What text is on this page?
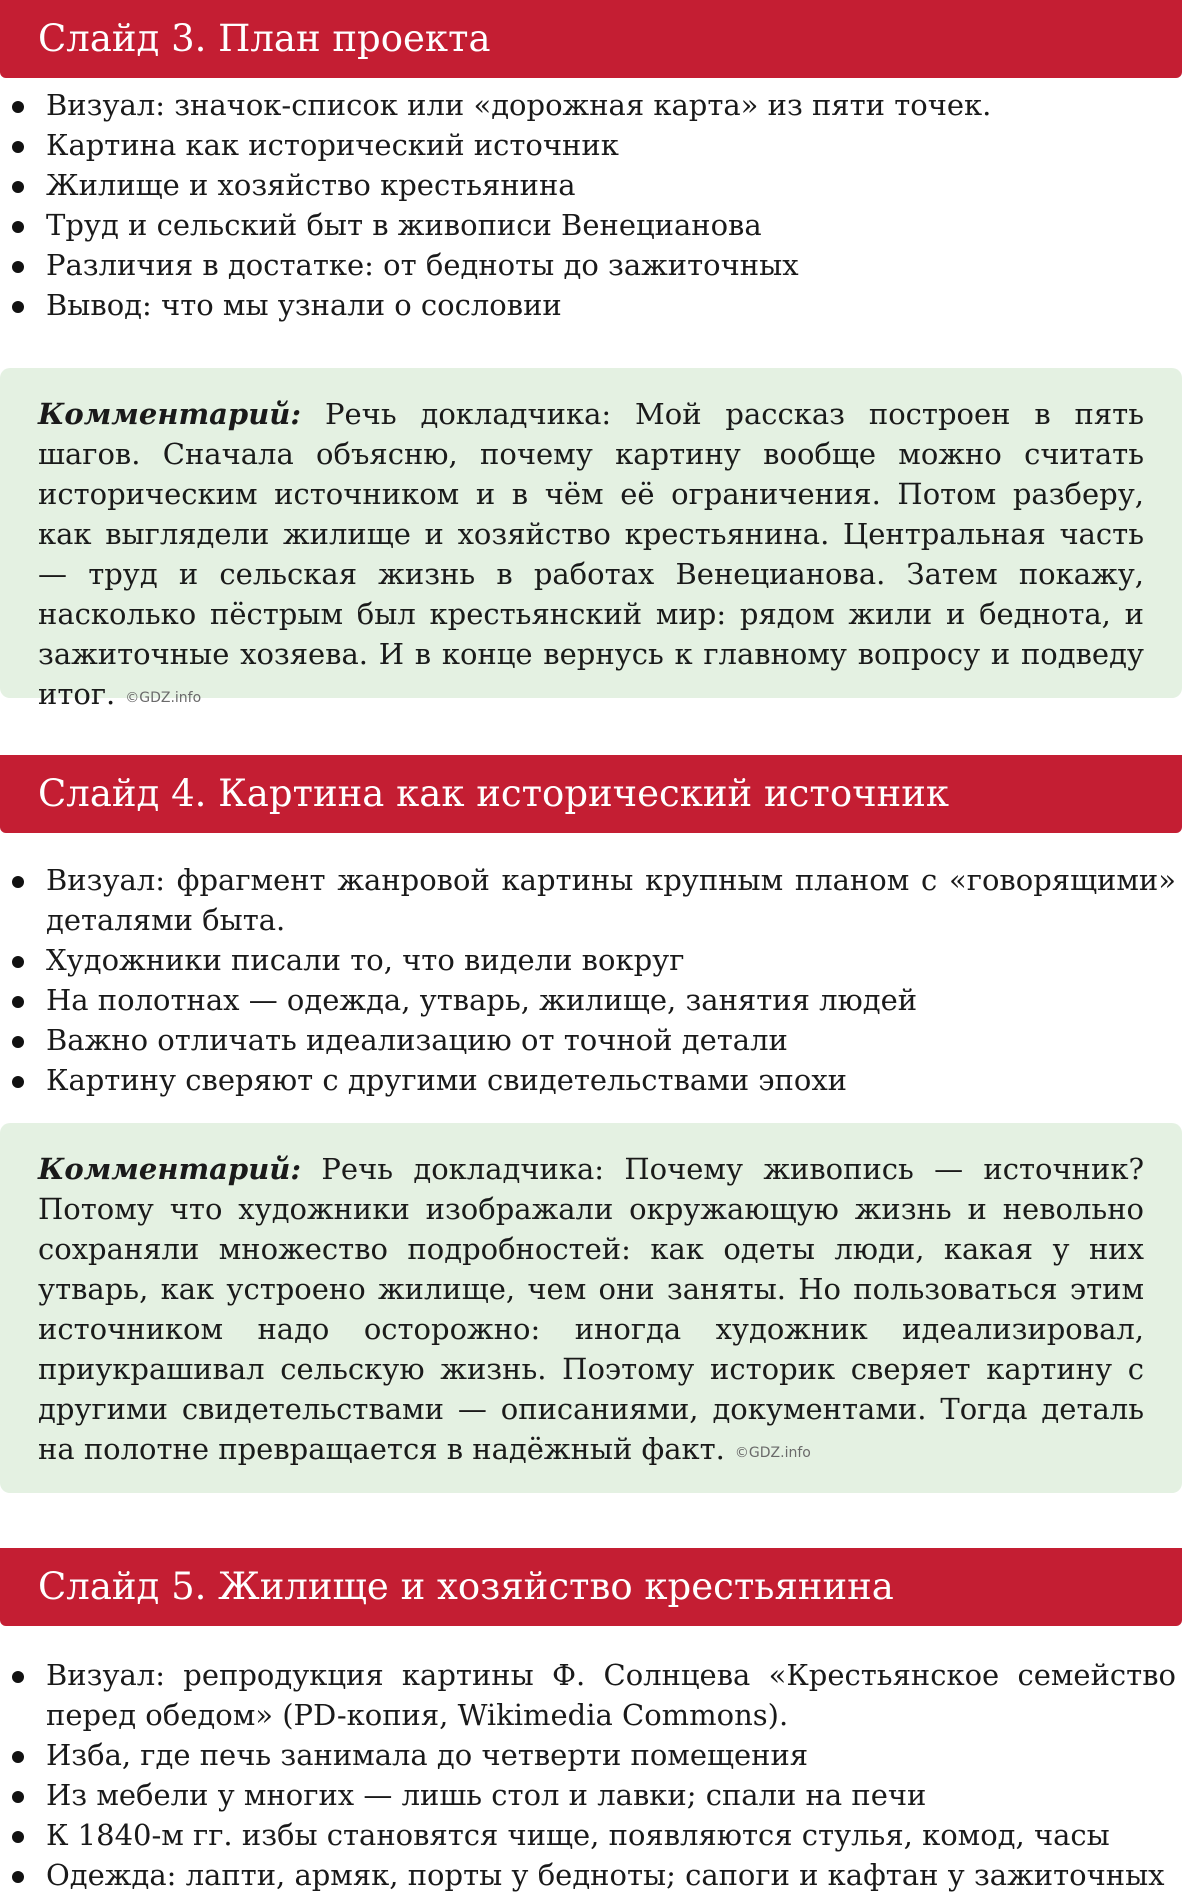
Слайд 3. План проекта
Визуал: значок-список или «дорожная карта» из пяти точек.
Картина как исторический источник
Жилище и хозяйство крестьянина
Труд и сельский быт в живописи Венецианова
Различия в достатке: от бедноты до зажиточных
Вывод: что мы узнали о сословии
Комментарий: Речь докладчика: Мой рассказ построен в пять шагов. Сначала объясню, почему картину вообще можно считать историческим источником и в чём её ограничения. Потом разберу, как выглядели жилище и хозяйство крестьянина. Центральная часть — труд и сельская жизнь в работах Венецианова. Затем покажу, насколько пёстрым был крестьянский мир: рядом жили и беднота, и зажиточные хозяева. И в конце вернусь к главному вопросу и подведу итог. ©GDZ.info
Слайд 4. Картина как исторический источник
Визуал: фрагмент жанровой картины крупным планом с «говорящими» деталями быта.
Художники писали то, что видели вокруг
На полотнах — одежда, утварь, жилище, занятия людей
Важно отличать идеализацию от точной детали
Картину сверяют с другими свидетельствами эпохи
Комментарий: Речь докладчика: Почему живопись — источник? Потому что художники изображали окружающую жизнь и невольно сохраняли множество подробностей: как одеты люди, какая у них утварь, как устроено жилище, чем они заняты. Но пользоваться этим источником надо осторожно: иногда художник идеализировал, приукрашивал сельскую жизнь. Поэтому историк сверяет картину с другими свидетельствами — описаниями, документами. Тогда деталь на полотне превращается в надёжный факт. ©GDZ.info
Слайд 5. Жилище и хозяйство крестьянина
Визуал: репродукция картины Ф. Солнцева «Крестьянское семейство перед обедом» (PD-копия, Wikimedia Commons).
Изба, где печь занимала до четверти помещения
Из мебели у многих — лишь стол и лавки; спали на печи
К 1840-м гг. избы становятся чище, появляются стулья, комод, часы
Одежда: лапти, армяк, порты у бедноты; сапоги и кафтан у зажиточных
